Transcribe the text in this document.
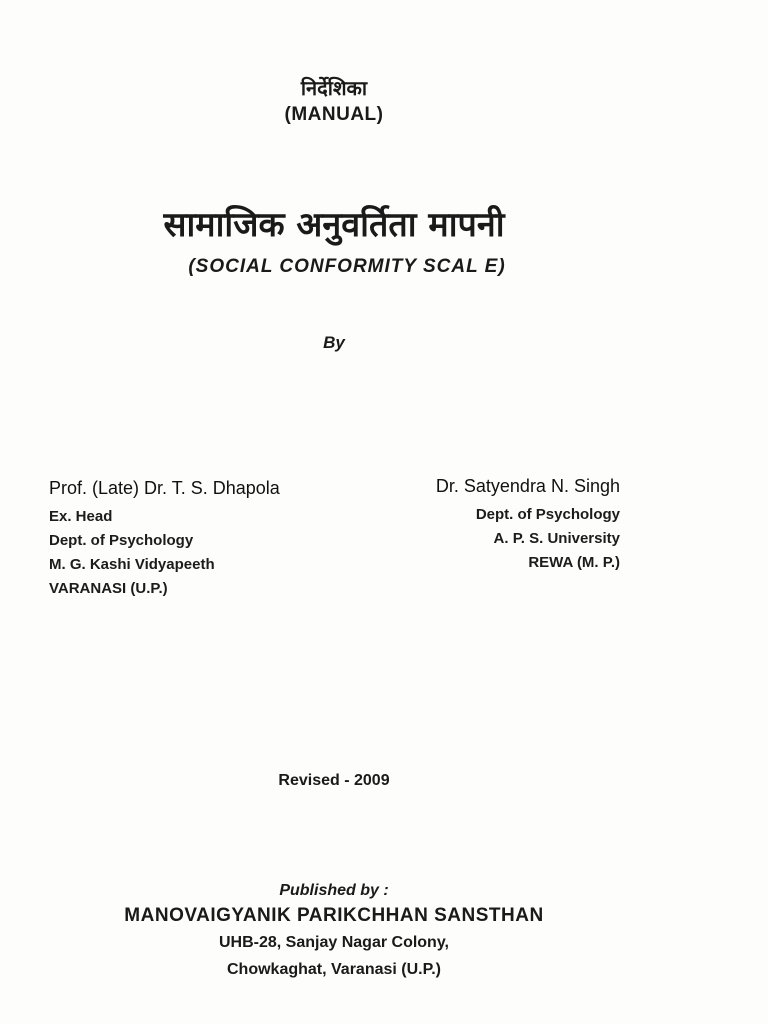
निर्देशिका
(MANUAL)
सामाजिक अनुवर्तिता मापनी
(SOCIAL CONFORMITY SCAL E)
By
Prof. (Late) Dr. T. S. Dhapola
Ex. Head
Dept. of Psychology
M. G. Kashi Vidyapeeth
VARANASI (U.P.)
Dr. Satyendra N. Singh
Dept. of Psychology
A. P. S. University
REWA (M. P.)
Revised - 2009
Published by :
MANOVAIGYANIK PARIKCHHAN SANSTHAN
UHB-28, Sanjay Nagar Colony,
Chowkaghat, Varanasi (U.P.)
